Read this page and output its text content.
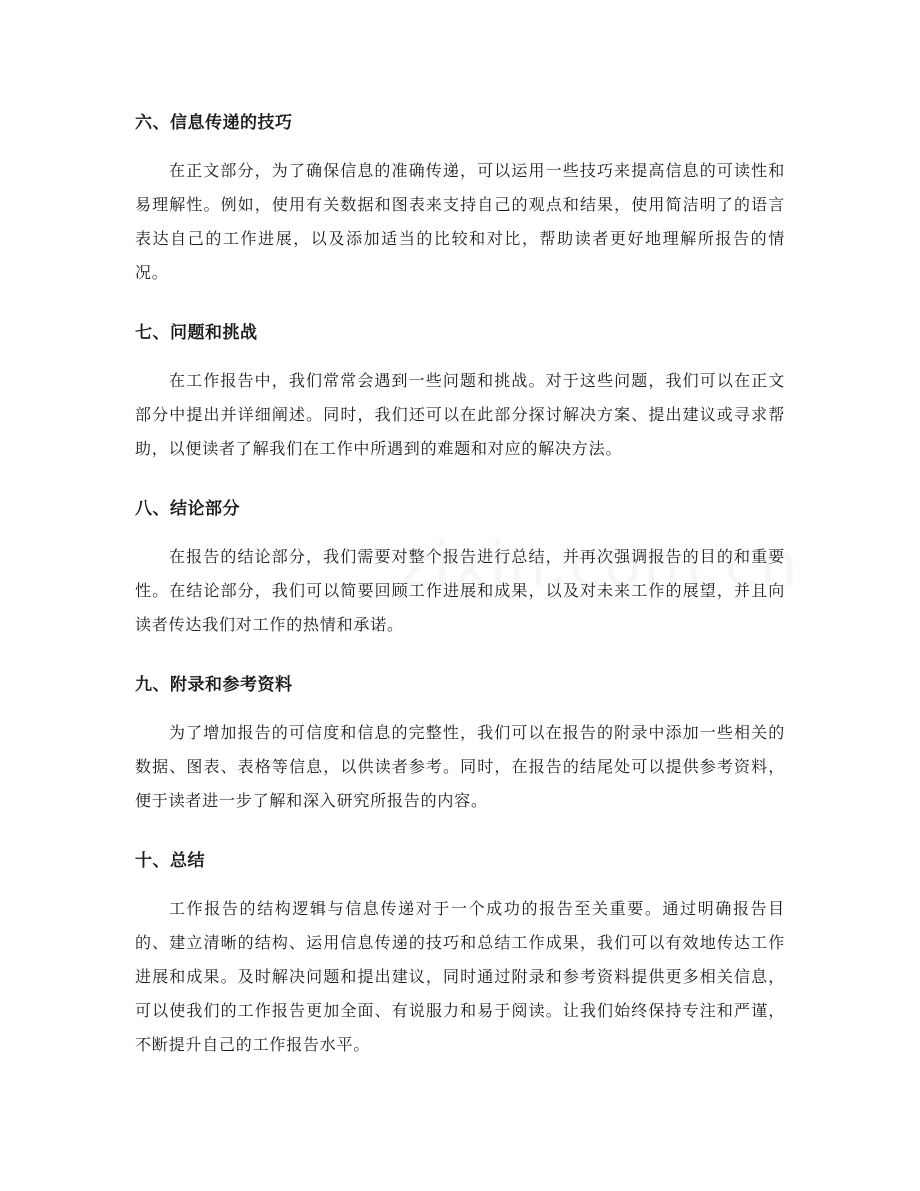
六、信息传递的技巧

在正文部分，为了确保信息的准确传递，可以运用一些技巧来提高信息的可读性和易理解性。例如，使用有关数据和图表来支持自己的观点和结果，使用简洁明了的语言表达自己的工作进展，以及添加适当的比较和对比，帮助读者更好地理解所报告的情况。

七、问题和挑战

在工作报告中，我们常常会遇到一些问题和挑战。对于这些问题，我们可以在正文部分中提出并详细阐述。同时，我们还可以在此部分探讨解决方案、提出建议或寻求帮助，以便读者了解我们在工作中所遇到的难题和对应的解决方法。

八、结论部分

在报告的结论部分，我们需要对整个报告进行总结，并再次强调报告的目的和重要性。在结论部分，我们可以简要回顾工作进展和成果，以及对未来工作的展望，并且向读者传达我们对工作的热情和承诺。

九、附录和参考资料

为了增加报告的可信度和信息的完整性，我们可以在报告的附录中添加一些相关的数据、图表、表格等信息，以供读者参考。同时，在报告的结尾处可以提供参考资料，便于读者进一步了解和深入研究所报告的内容。

十、总结

工作报告的结构逻辑与信息传递对于一个成功的报告至关重要。通过明确报告目的、建立清晰的结构、运用信息传递的技巧和总结工作成果，我们可以有效地传达工作进展和成果。及时解决问题和提出建议，同时通过附录和参考资料提供更多相关信息，可以使我们的工作报告更加全面、有说服力和易于阅读。让我们始终保持专注和严谨，不断提升自己的工作报告水平。
